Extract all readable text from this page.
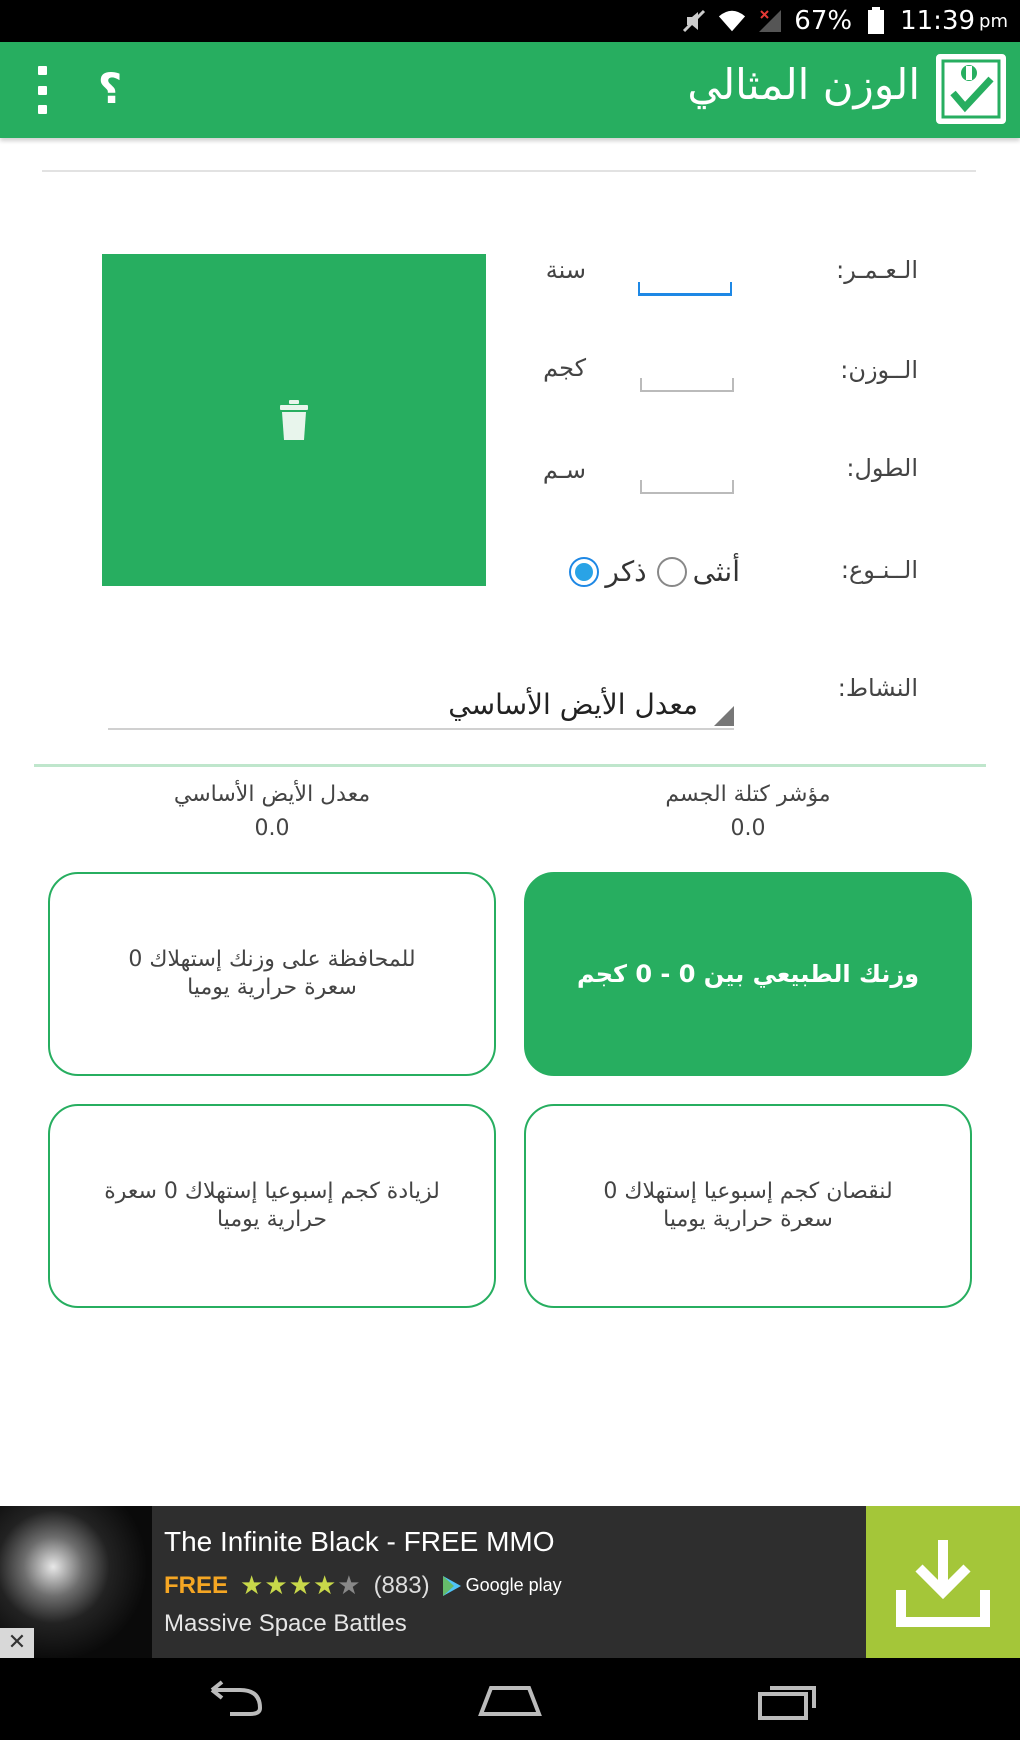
67% 11:39 pm
الوزن المثالي
؟
الـعـمـر:
الــوزن:
الطول:
الــنـوع:
النشاط:
سنة
كجم
سـم
ذكر أنثى
معدل الأيض الأساسي
مؤشر كتلة الجسم
0.0
معدل الأيض الأساسي
0.0
وزنك الطبيعي بين 0 - 0 كجم
للمحافظة على وزنك إستهلاك 0 سعرة حرارية يوميا
لنقصان كجم إسبوعيا إستهلاك 0 سعرة حرارية يوميا
لزيادة كجم إسبوعيا إستهلاك 0 سعرة حرارية يوميا
✕
The Infinite Black - FREE MMO
FREE ★★★★★ (883) Google play
Massive Space Battles
